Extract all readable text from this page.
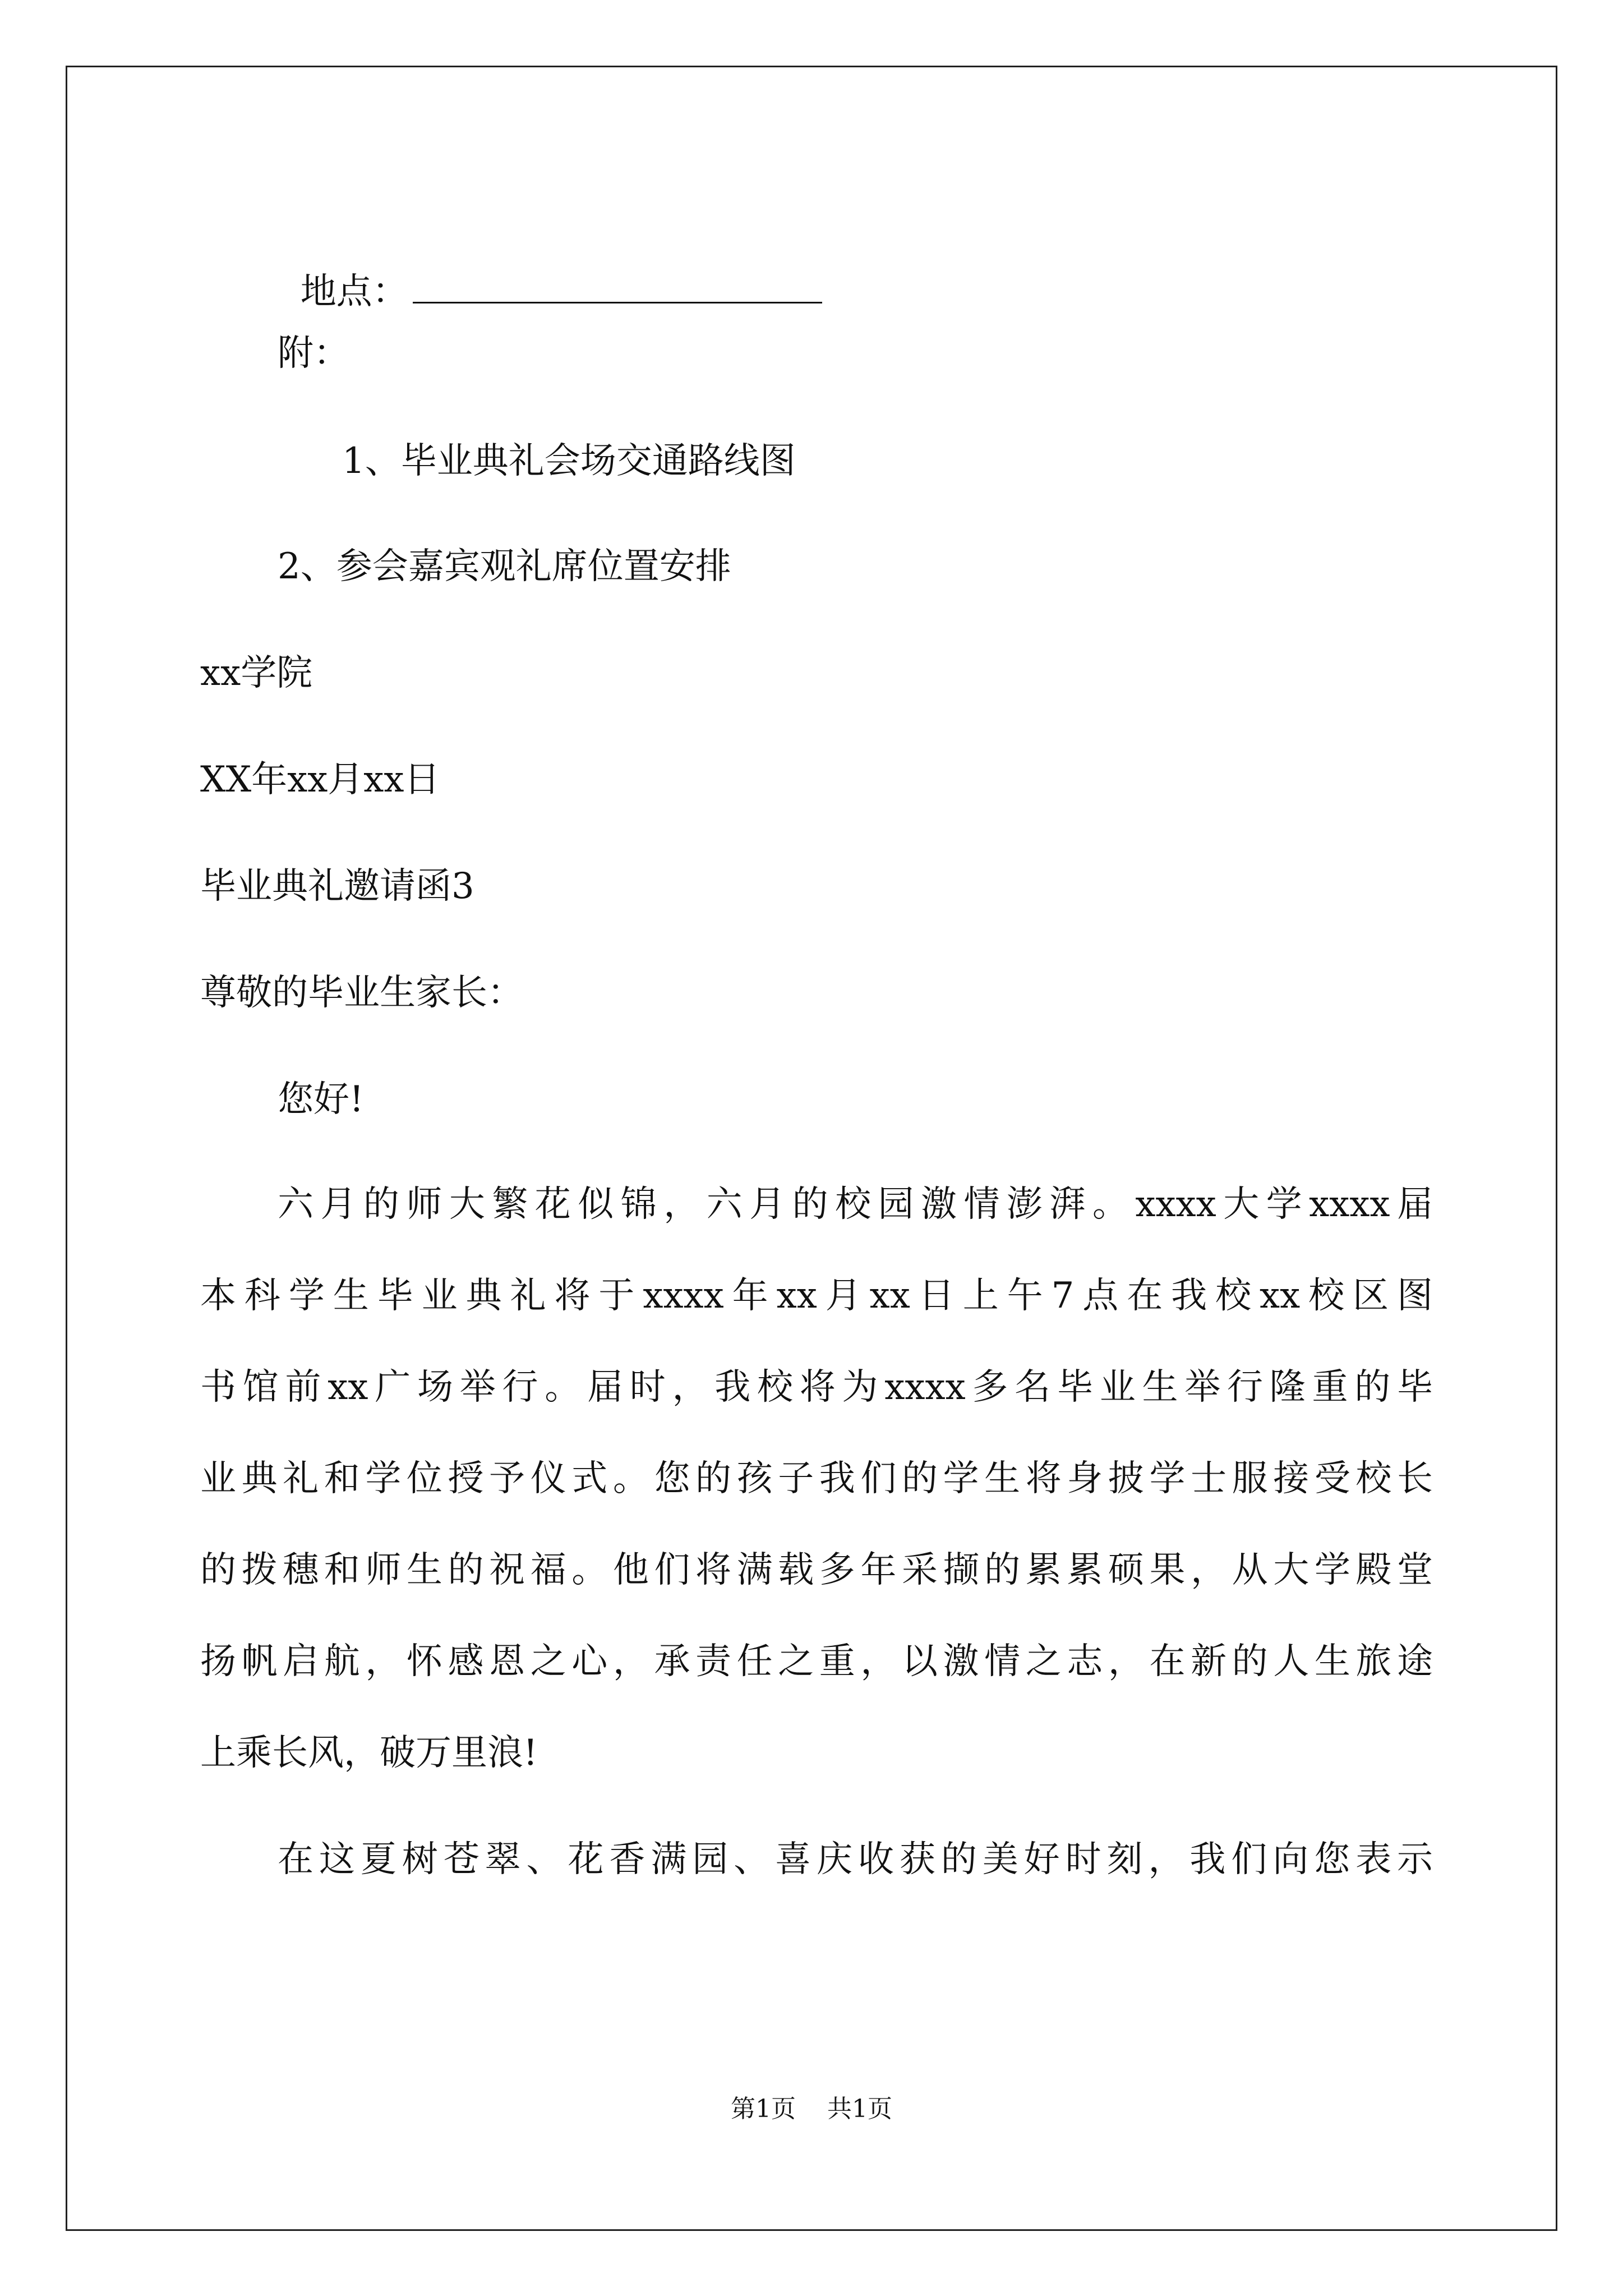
地点：

附：
1、毕业典礼会场交通路线图
2、参会嘉宾观礼席位置安排
xx学院
XX年xx月xx日
毕业典礼邀请函3
尊敬的毕业生家长：
您好!
六月的师大繁花似锦，六月的校园激情澎湃。xxxx大学xxxx届
本科学生毕业典礼将于xxxx年xx月xx日上午7点在我校xx校区图
书馆前xx广场举行。届时，我校将为xxxx多名毕业生举行隆重的毕
业典礼和学位授予仪式。您的孩子我们的学生将身披学士服接受校长
的拨穗和师生的祝福。他们将满载多年采撷的累累硕果，从大学殿堂
扬帆启航，怀感恩之心，承责任之重，以激情之志，在新的人生旅途
上乘长风，破万里浪!
在这夏树苍翠、花香满园、喜庆收获的美好时刻，我们向您表示
第1页 共1页
